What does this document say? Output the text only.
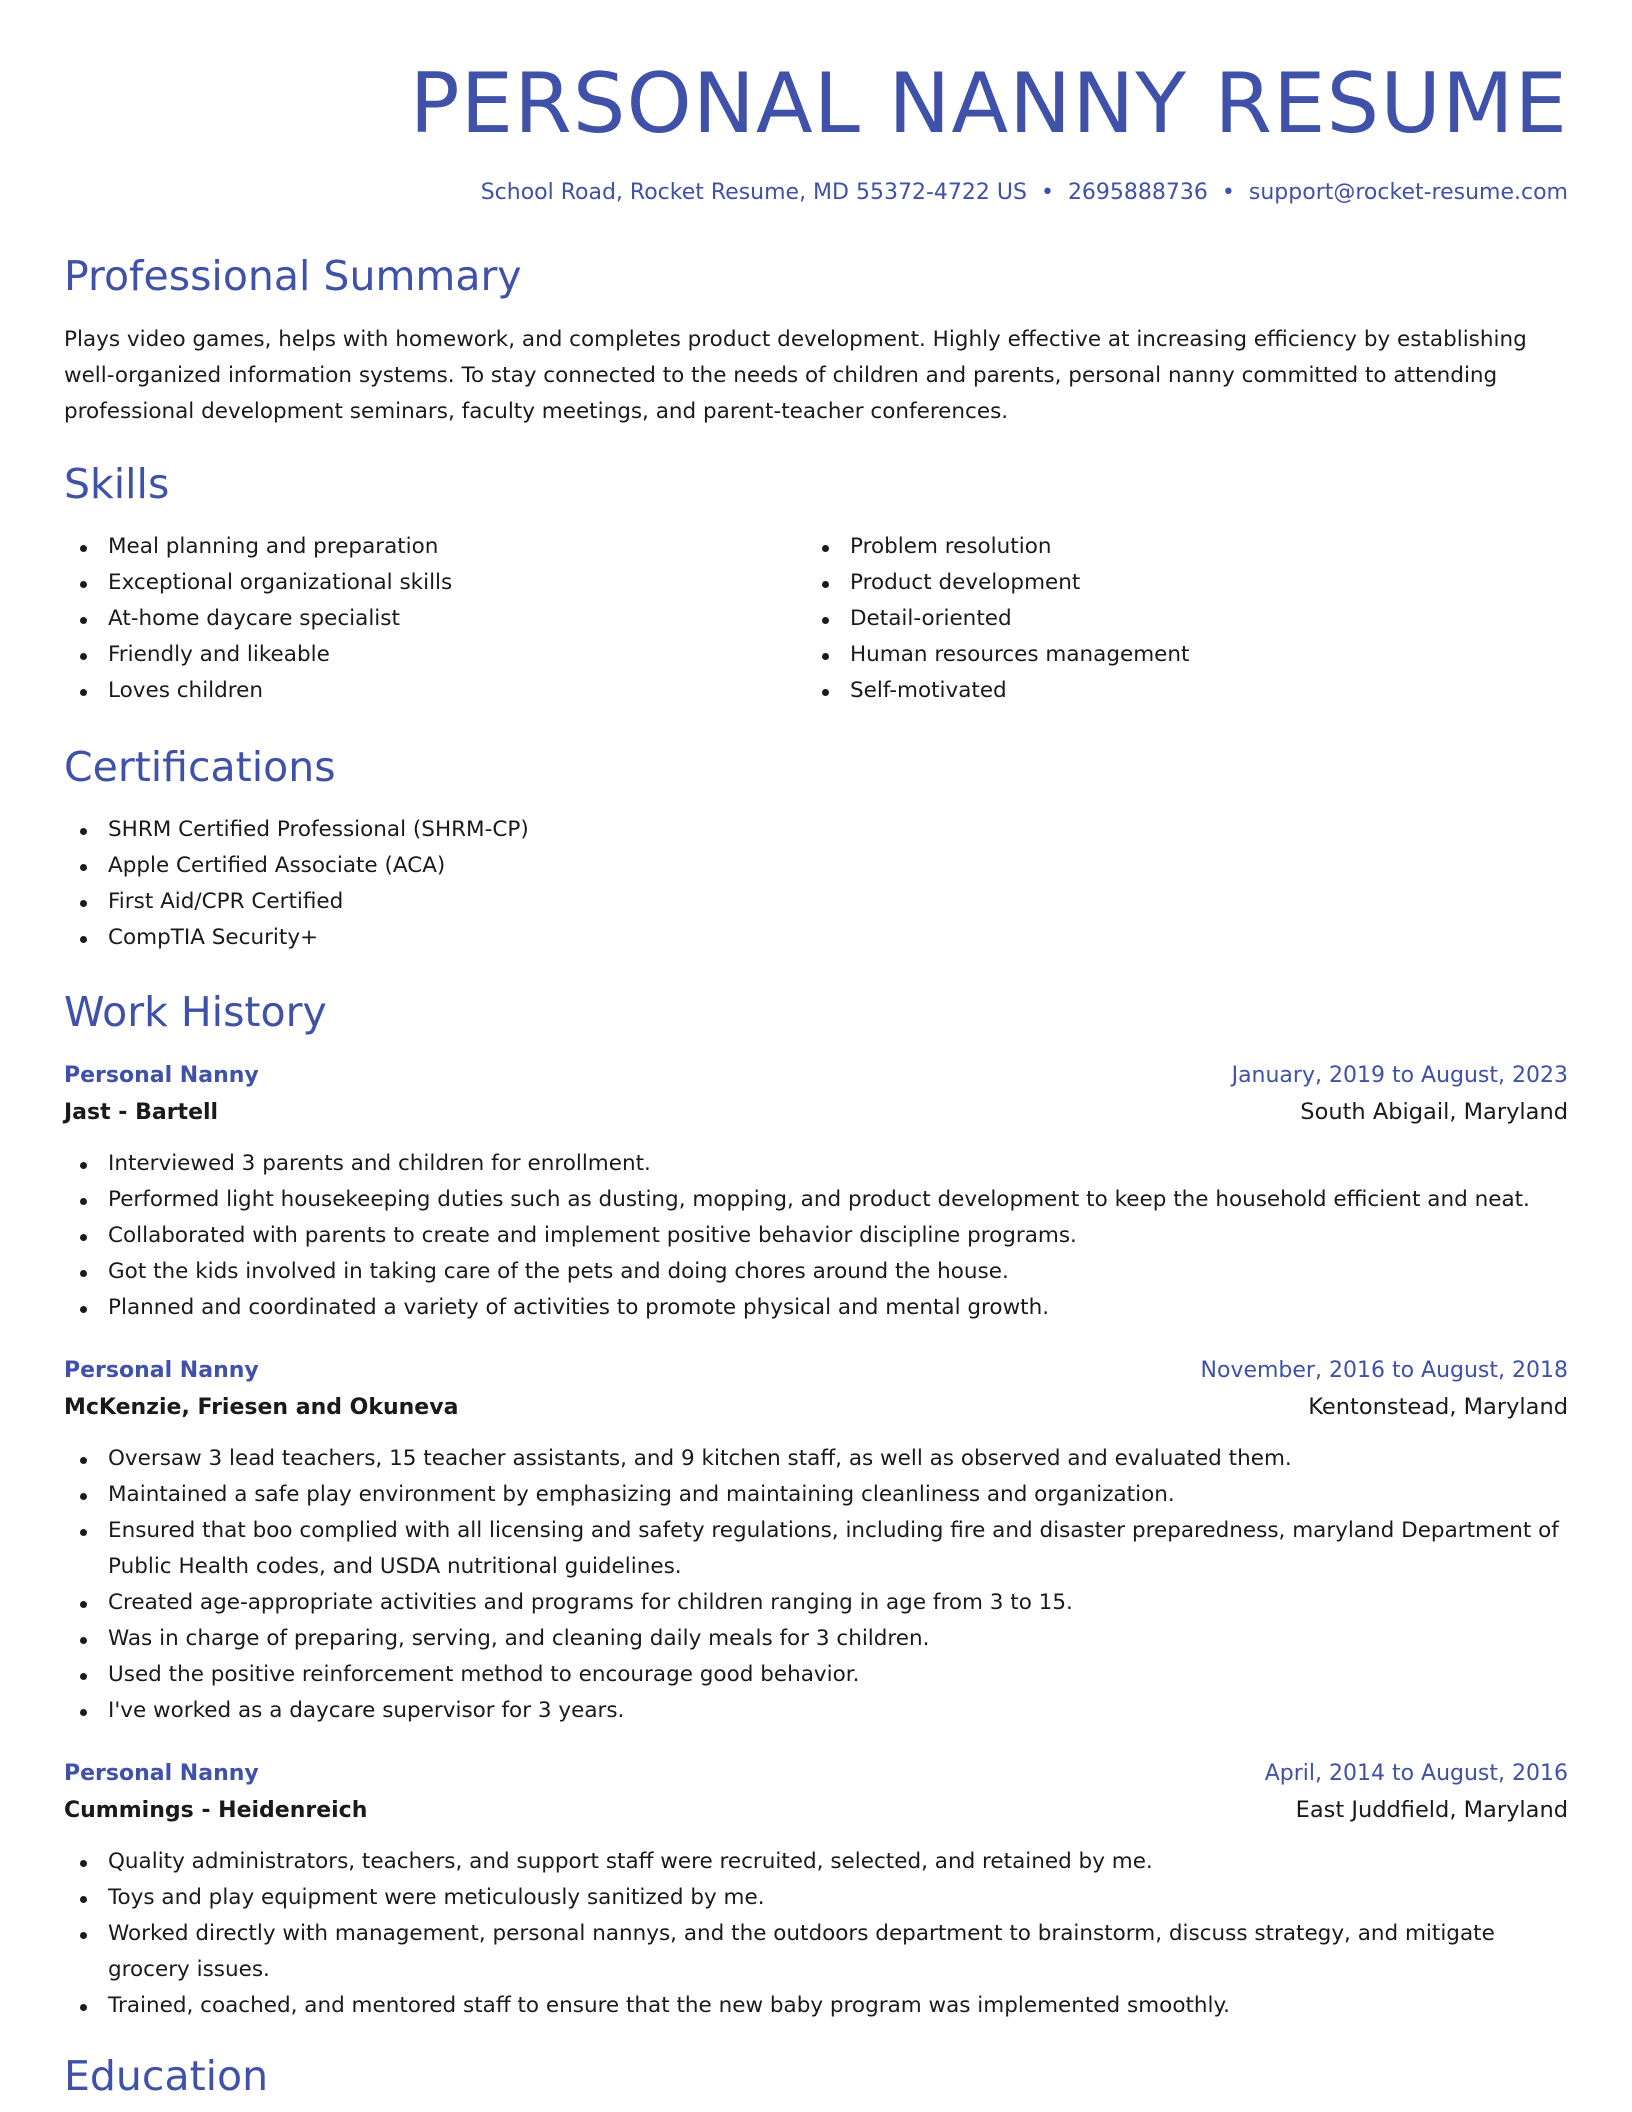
PERSONAL NANNY RESUME
School Road, Rocket Resume, MD 55372-4722 US • 2695888736 • support@rocket-resume.com
Professional Summary
Plays video games, helps with homework, and completes product development. Highly effective at increasing efficiency by establishing well-organized information systems. To stay connected to the needs of children and parents, personal nanny committed to attending professional development seminars, faculty meetings, and parent-teacher conferences.
Skills
Meal planning and preparation
Exceptional organizational skills
At-home daycare specialist
Friendly and likeable
Loves children
Problem resolution
Product development
Detail-oriented
Human resources management
Self-motivated
Certifications
SHRM Certified Professional (SHRM-CP)
Apple Certified Associate (ACA)
First Aid/CPR Certified
CompTIA Security+
Work History
Personal Nanny	January, 2019 to August, 2023
Jast - Bartell	South Abigail, Maryland
Interviewed 3 parents and children for enrollment.
Performed light housekeeping duties such as dusting, mopping, and product development to keep the household efficient and neat.
Collaborated with parents to create and implement positive behavior discipline programs.
Got the kids involved in taking care of the pets and doing chores around the house.
Planned and coordinated a variety of activities to promote physical and mental growth.
Personal Nanny	November, 2016 to August, 2018
McKenzie, Friesen and Okuneva	Kentonstead, Maryland
Oversaw 3 lead teachers, 15 teacher assistants, and 9 kitchen staff, as well as observed and evaluated them.
Maintained a safe play environment by emphasizing and maintaining cleanliness and organization.
Ensured that boo complied with all licensing and safety regulations, including fire and disaster preparedness, maryland Department of Public Health codes, and USDA nutritional guidelines.
Created age-appropriate activities and programs for children ranging in age from 3 to 15.
Was in charge of preparing, serving, and cleaning daily meals for 3 children.
Used the positive reinforcement method to encourage good behavior.
I've worked as a daycare supervisor for 3 years.
Personal Nanny	April, 2014 to August, 2016
Cummings - Heidenreich	East Juddfield, Maryland
Quality administrators, teachers, and support staff were recruited, selected, and retained by me.
Toys and play equipment were meticulously sanitized by me.
Worked directly with management, personal nannys, and the outdoors department to brainstorm, discuss strategy, and mitigate grocery issues.
Trained, coached, and mentored staff to ensure that the new baby program was implemented smoothly.
Education
